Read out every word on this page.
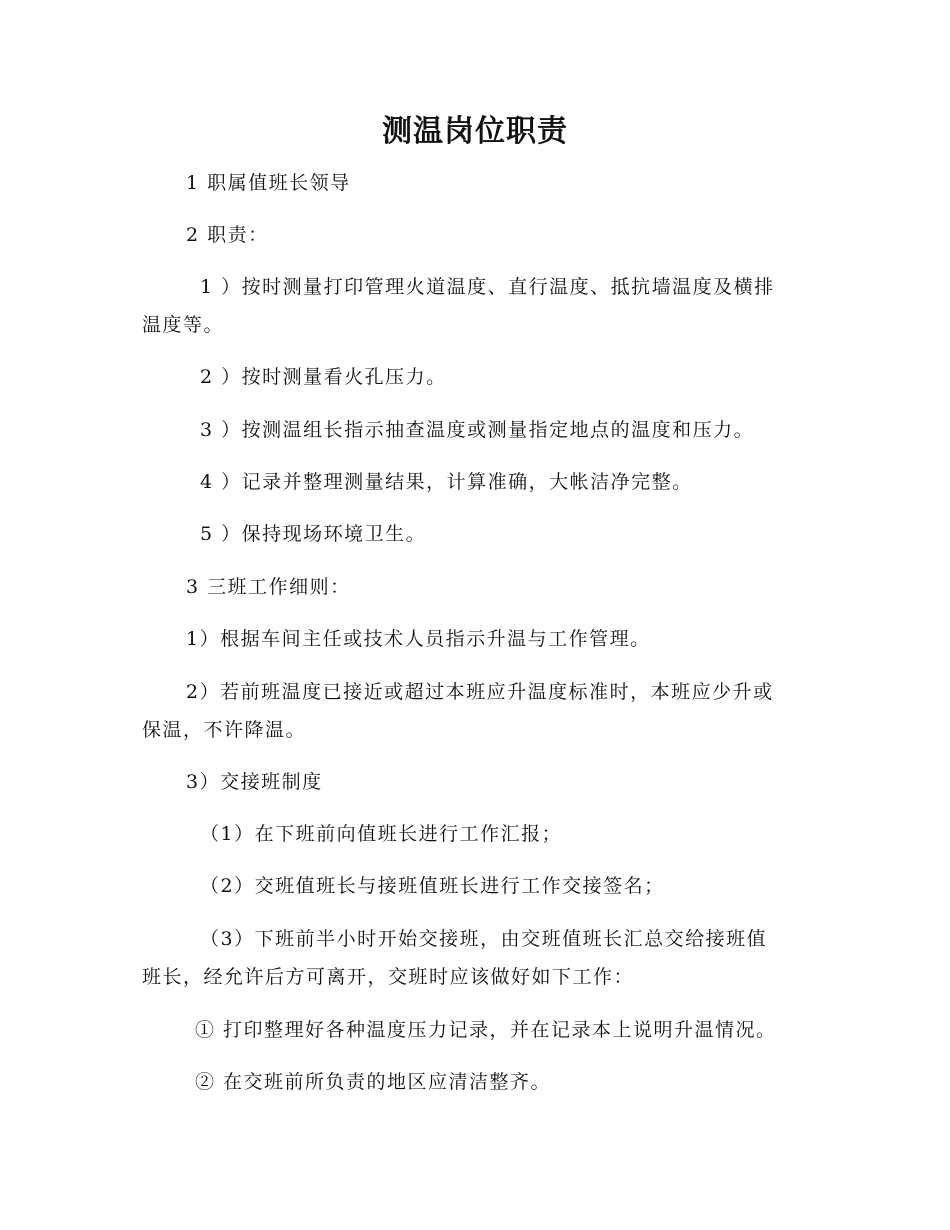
测温岗位职责
1 职属值班长领导
2 职责：
1 ）按时测量打印管理火道温度、直行温度、抵抗墙温度及横排
温度等。
2 ）按时测量看火孔压力。
3 ）按测温组长指示抽查温度或测量指定地点的温度和压力。
4 ）记录并整理测量结果，计算准确，大帐洁净完整。
5 ）保持现场环境卫生。
3 三班工作细则：
1）根据车间主任或技术人员指示升温与工作管理。
2）若前班温度已接近或超过本班应升温度标准时，本班应少升或
保温，不许降温。
3）交接班制度
（1）在下班前向值班长进行工作汇报；
（2）交班值班长与接班值班长进行工作交接签名；
（3）下班前半小时开始交接班，由交班值班长汇总交给接班值
班长，经允许后方可离开，交班时应该做好如下工作：
① 打印整理好各种温度压力记录，并在记录本上说明升温情况。
② 在交班前所负责的地区应清洁整齐。
